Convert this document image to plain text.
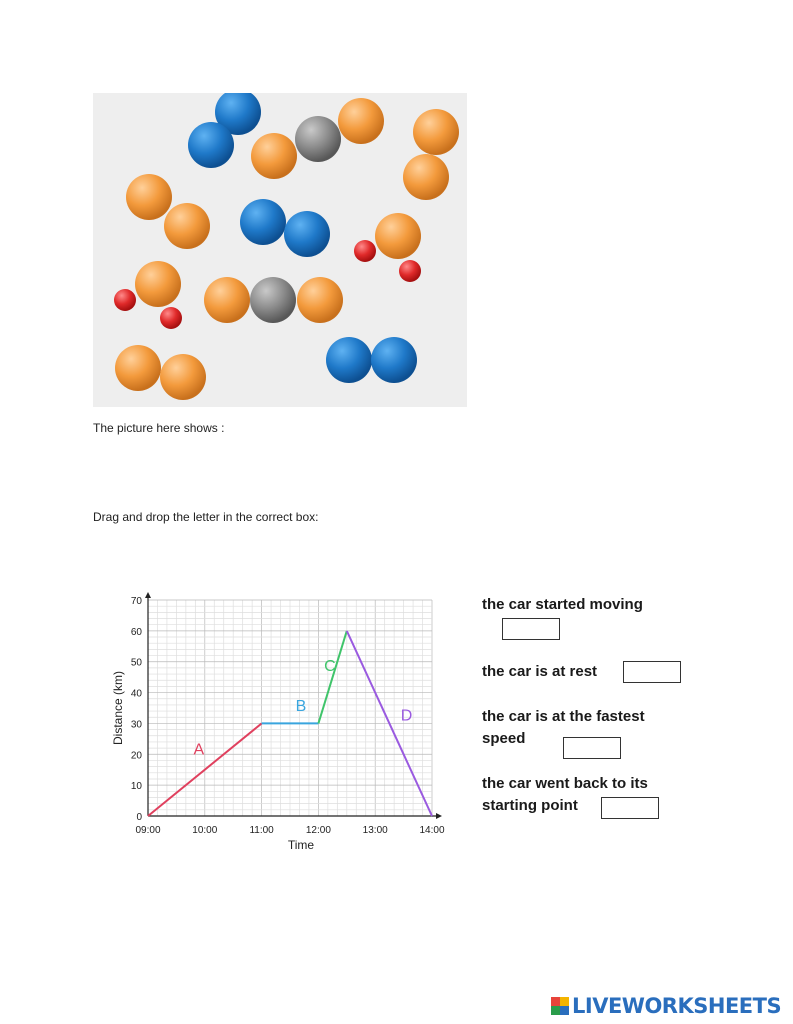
The picture here shows :
Drag and drop the letter in the correct box:
0
10
20
30
40
50
60
70
09:00	10:00	11:00	12:00	13:00	14:00
A
B
C
D
Time
Distance (km)
the car started moving
the car is at rest
the car is at the fastest
speed
the car went back to its
starting point
LIVEWORKSHEETS
